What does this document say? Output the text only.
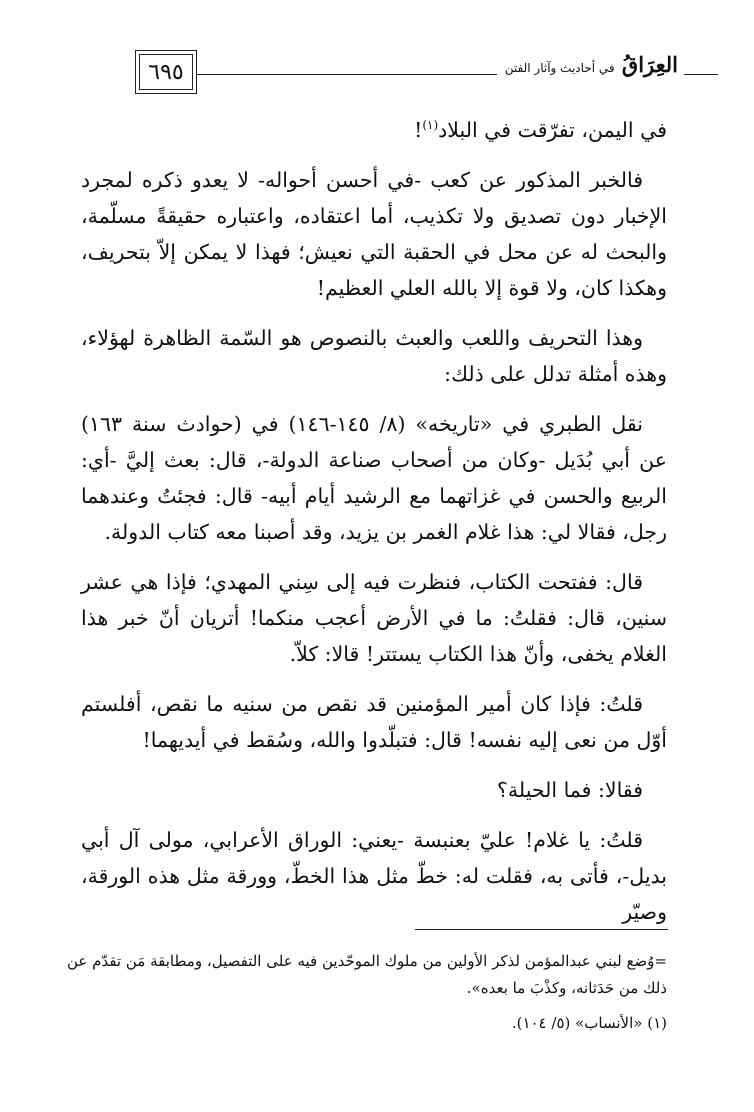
العِرَاقُ في أحاديث وآثار الفتن
٦٩٥

في اليمن، تفرّقت في البلاد$^{(١)}$!

فالخبر المذكور عن كعب -في أحسن أحواله- لا يعدو ذكره لمجرد الإخبار دون تصديق ولا تكذيب، أما اعتقاده، واعتباره حقيقةً مسلّمة، والبحث له عن محل في الحقبة التي نعيش؛ فهذا لا يمكن إلاّ بتحريف، وهكذا كان، ولا قوة إلا بالله العلي العظيم!

وهذا التحريف واللعب والعبث بالنصوص هو السّمة الظاهرة لهؤلاء، وهذه أمثلة تدلل على ذلك:

نقل الطبري في «تاريخه» (٨/ ١٤٥-١٤٦) في (حوادث سنة ١٦٣) عن أبي بُدَيل -وكان من أصحاب صناعة الدولة-، قال: بعث إليَّ -أي: الربيع والحسن في غزاتهما مع الرشيد أيام أبيه- قال: فجئتُ وعندهما رجل، فقالا لي: هذا غلام الغمر بن يزيد، وقد أصبنا معه كتاب الدولة.

قال: ففتحت الكتاب، فنظرت فيه إلى سِني المهدي؛ فإذا هي عشر سنين، قال: فقلتُ: ما في الأرض أعجب منكما! أتريان أنّ خبر هذا الغلام يخفى، وأنّ هذا الكتاب يستتر! قالا: كلاّ.

قلتُ: فإذا كان أمير المؤمنين قد نقص من سنيه ما نقص، أفلستم أوّل من نعى إليه نفسه! قال: فتبلّدوا والله، وسُقط في أيديهما!

فقالا: فما الحيلة؟

قلتُ: يا غلام! عليّ بعنبسة -يعني: الوراق الأعرابي، مولى آل أبي بديل-، فأتى به، فقلت له: خطّ مثل هذا الخطّ، وورقة مثل هذه الورقة، وصيّر

=وُضع لبني عبدالمؤمن لذكر الأولين من ملوك الموحّدين فيه على التفصيل، ومطابقة مَن تقدّم عن ذلك من حَدَثانه، وكذْبَ ما بعده».

(١) «الأنساب» (٥/ ١٠٤).
